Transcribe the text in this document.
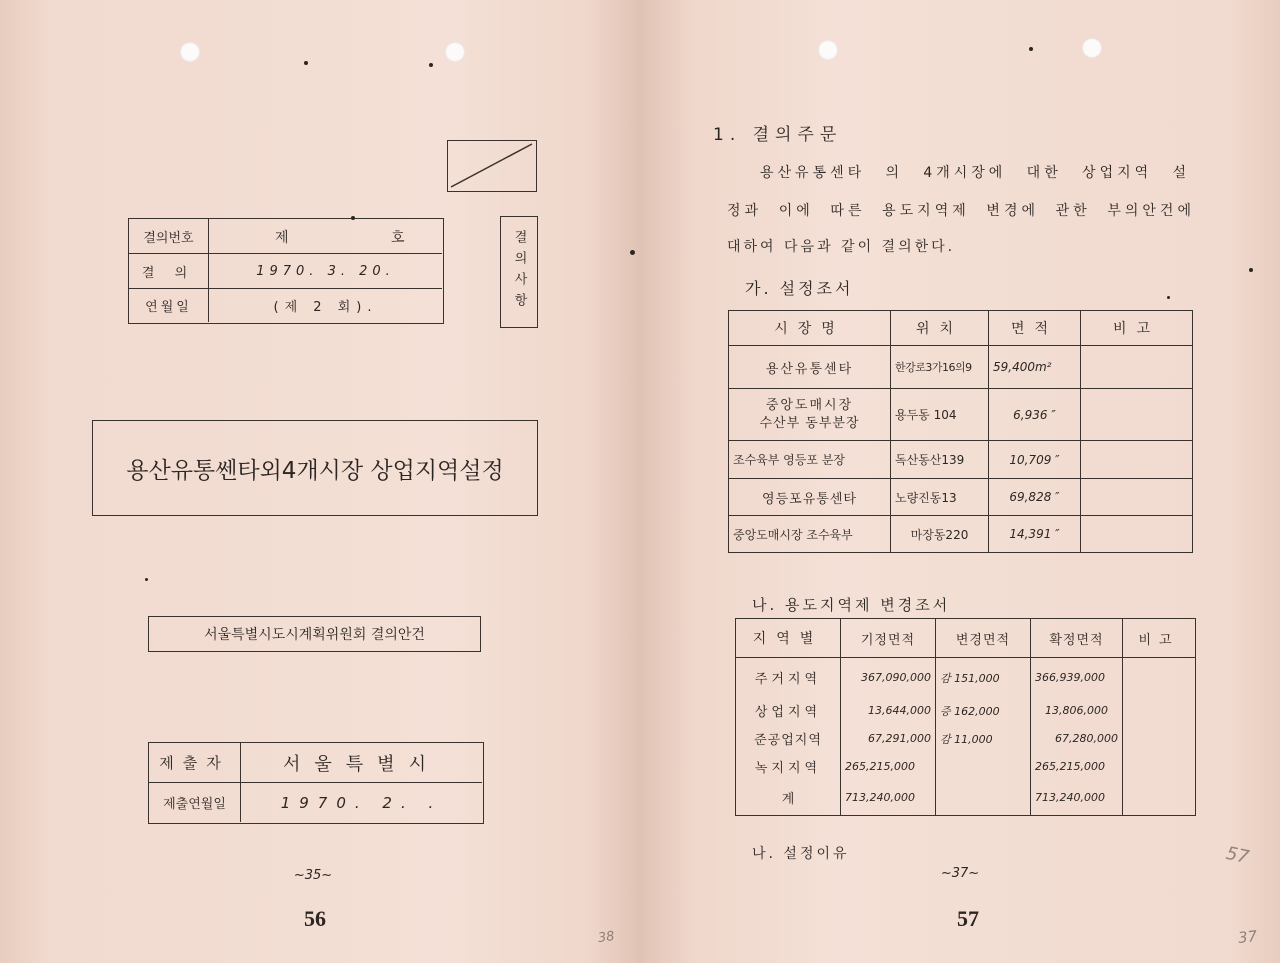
결의번호	제	호
결 의	1970. 3. 20.
연월일	(제 2 회).	결의사항
용산유통쎈타외4개시장 상업지역설정
서울특별시도시계획위원회 결의안건
제출자	서울특별시
제출연월일	1970. 2. .
~35~
56
38
1. 결의주문
용산유통센타 의 4개시장에 대한 상업지역 설
정과 이에 따른 용도지역제 변경에 관한 부의안건에
대하여 다음과 같이 결의한다.
가. 설정조서
시장명	위치	면적	비고
용산유통센타	한강로3가16의9	59,400m²	

중앙도매시장
수산부 동부분장	용두동 104	6,936 ″	
조수육부 영등포 분장	독산동산139	10,709 ″	
영등포유통센타	노량진동13	69,828 ″	
중앙도매시장 조수육부	마장동220	14,391 ″	
나. 용도지역제 변경조서
지역별	기정면적	변경면적	확정면적	비고
주거지역	367,090,000	감 151,000	366,939,000	
상업지역	13,644,000	증 162,000	13,806,000	
준공업지역	67,291,000	감 11,000	67,280,000	
녹지지역	265,215,000		265,215,000	
계	713,240,000		713,240,000	
나. 설정이유
~37~
57
57
37
